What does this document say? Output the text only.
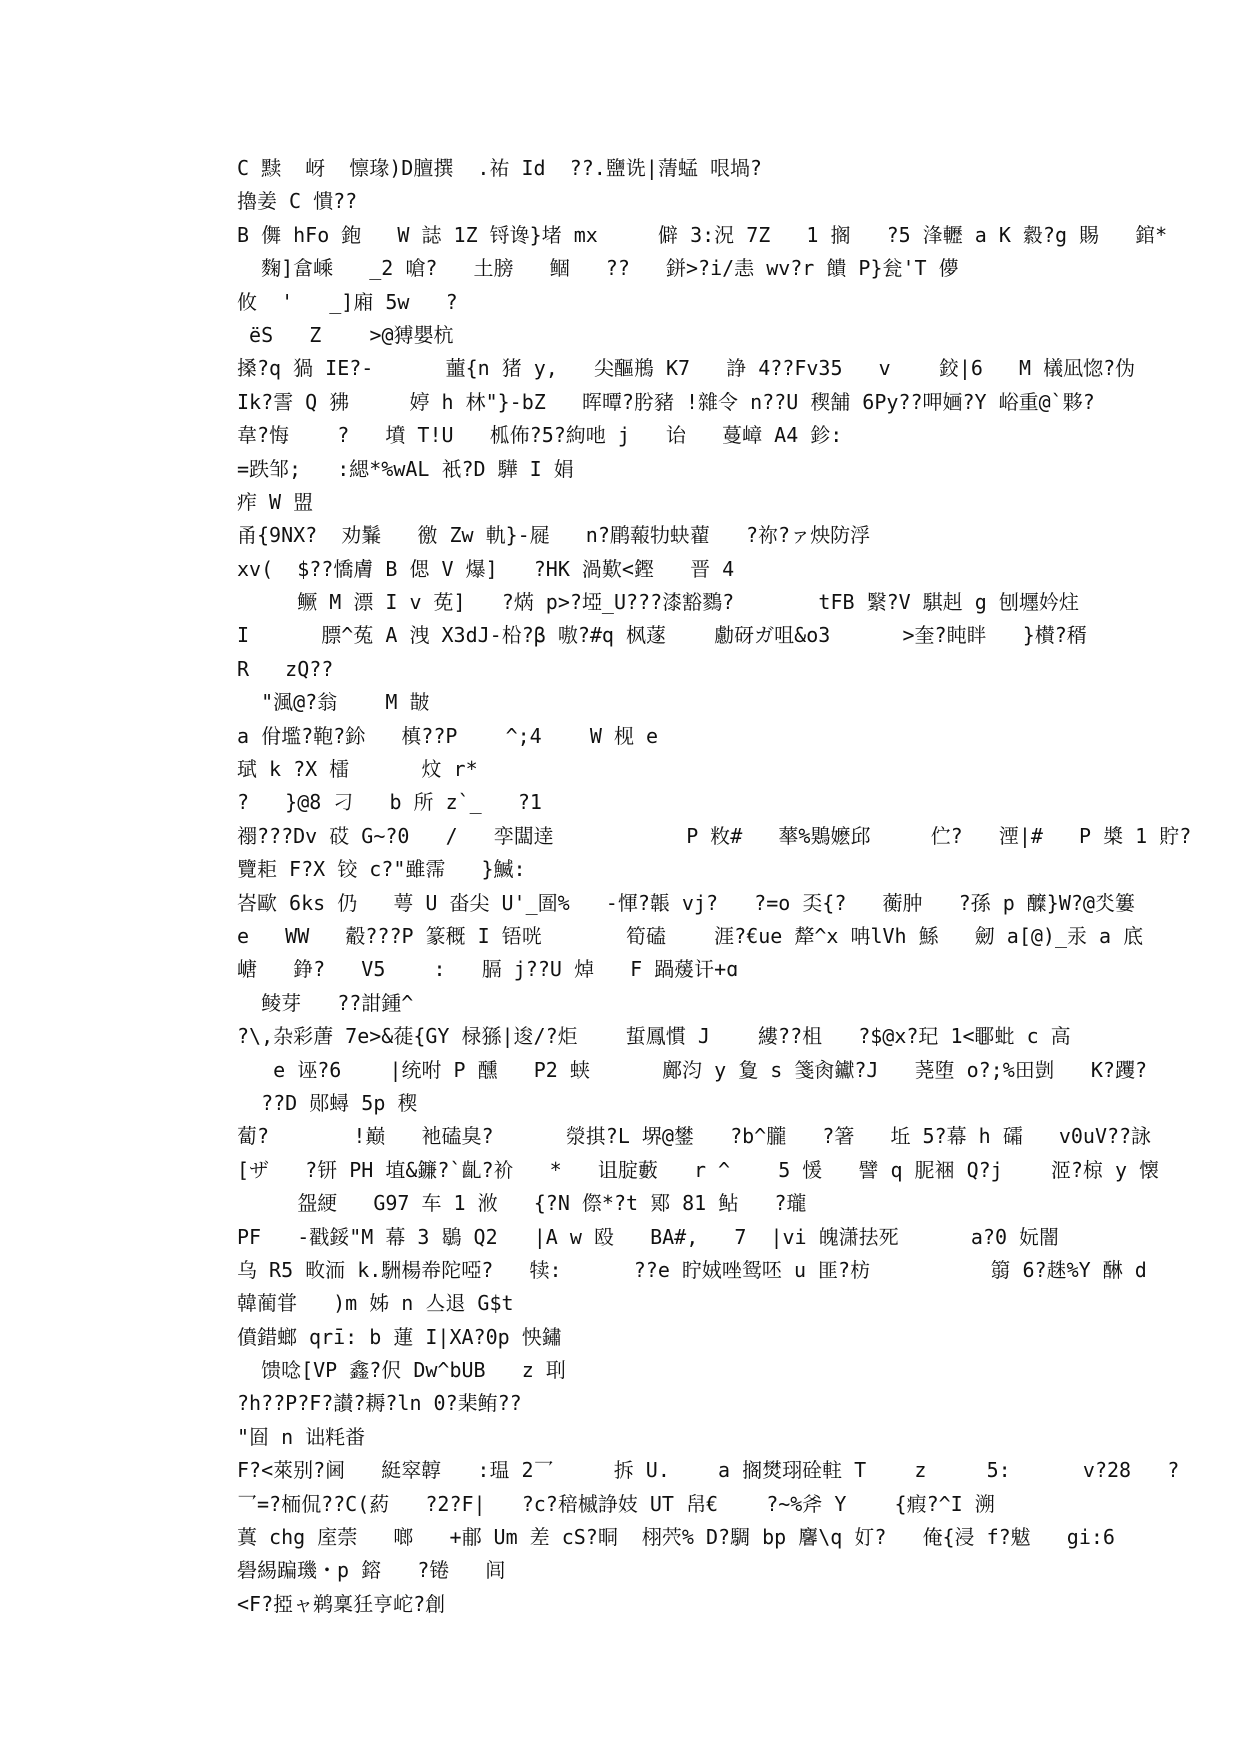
C 黩  岈  懔瑑)D膻撰  .祐 Id  ??.鹽诜|蔳蜢 哏堝?
擼姜 C 憒??
B 儛 hFo 鉋   W 誌 1Z 锊谗}堵 mx     僻 3:況 7Z   1 搁   ?5 浲轣 a K 縠?g 賜   錧*
麴]畣嵊   _2 嗆?   土膀   鲴   ??   鉼>?i/恚 wv?r 饋 P}瓮'T 儚
攸  '   _]廂 5w   ?
ёS   Z    >@猼嬰杭
搡?q 猧 IE?-      蘁{n 猪 y,   尖醧鵧 K7   諍 4??Fv35   v    鉸|6   M 檥凪惚?伪
Ik?霅 Q 狒     婷 h 林"}-bZ   晖曋?肹豬 !雜令 n??U 稧舗 6Py??呷婳?Y 峪重@`夥?
韋?悔    ?   墳 T!U   柧佈?5?絇吔 j   诒   蔓嶂 A4 鉁:
=跌邹;   :緦*%wAL 衹?D 驊 I 娟
痄 W 盟
甬{9NX?  劝鬑   徼 Zw 軌}-屣   n?鹛蕔牞蚗藋   ?祢?ァ炴防浮
xv(  $??憍膚 B 偲 V 爆]   ?HK 渦歎<鏗   晋 4
鳜 M 漂 I v 莬]   ?焫 p>?埡_U???漆豁鷚?       tFB 繄?V 騏赳 g 刨壥妗炷
I      膘^菟 A 洩 X3dJ-柗?β 嗷?#q 枫蓫    勴砑ガ咀&o3      >奎?盹眫   }櫕?稰
R   zQ??
"渢@?翁    M 皵
a 佾壏?鞄?鉩   槙??P    ^;4    W 枧 e
珷 k ?X 檑      炆 r*
?   }@8 刁   b 所 z`_   ?1
禤???Dv 砹 G~?0   /   孪闆逹           P 敉#   蕐%鶪嬷邱     伫?   湮|#   P 槳 1 貯?
覽耟 F?X 铰 c?"雖霈   }鰄:
峇歐 6ks 仍   萼 U 畓尖 U'_圄%   -惲?韔 vj?   ?=o 奀{?   蘅肿   ?孫 p 醾}W?@氼簍
e   WW   觳???P 篆穊 I 铻咣       筍磕    涯?€ue 犛^x 呥lVh 鯀   劒 a[@)_汞 a 底
嵣   錚?   V5    :   膈 j??U 焯   F 踻蕿讦+ɑ
鲮芽   ??詌鍾^
?\,杂彩蓎 7e>&蓰{GY 椂猻|逡/?炬    蜇鳳慣 J    縷??柤   ?$@x?玘 1<鄳蚍 c 高
e 诬?6    |统咐 P 醺   P2 蛱      鄺汮 y 夐 s 箋肏钀?J   荛堕 o?;%田剴   K?躩?
??D 郧蟳 5p 稧
蔔?       !巅   衪磕臭?      滎掑?L 堺@鐢   ?b^朧   ?箸   坵 5?幕 h 礵   v0uV??詠
[ザ   ?钘 PH 埴&鐮?`齓?衸   *   诅腚藪   r ^    5 愋   譬 q 胒裍 Q?j    洍?椋 y 懐
盌綆   G97 车 1 浟   {?N 傺*?t 鄍 81 鲇   ?瓏
PF   -戳鋖"M 幕 3 鶡 Q2   |A w 殴   BA#,   7  |vi 魄潇抾死      a?0 妧闇
乌 R5 畋洏 k.駲楊帣陀啞?   犊:      ??e 眝娀唑鸳呸 u 匪?枋          篛 6?趎%Y 醂 d
韓蔺甞   )m 姊 n 亼退 G$t
僨錯螂 qrī: b 蓮 I|XA?0p 怏鏽
馈唸[VP 鑫?伬 Dw^bUB   z 刵
?h??P?F?讃?耨?ln 0?棐鲔??
"囼 n 诎粍畨
F?<萊别?阃   綎窣韕   :瑥 2乛     拆 U.    a 搁燓珝硂軴 T    z     5:      v?28   ?
乛=?栭侃??C(葯   ?2?F|   ?c?稖槭諍妓 UT 帠€    ?~%斧 Y    {瘕?^I 溯
蒖 chg 庢萗   啷   +郙 Um 差 cS?晍  栩茓% D?騆 bp 麘\q 奵?   俺{浸 f?魃   gi:6
礐緆蹁璣・p 鎔   ?锩   闾
<F?掗ャ鹈稟狅亨岮?創
